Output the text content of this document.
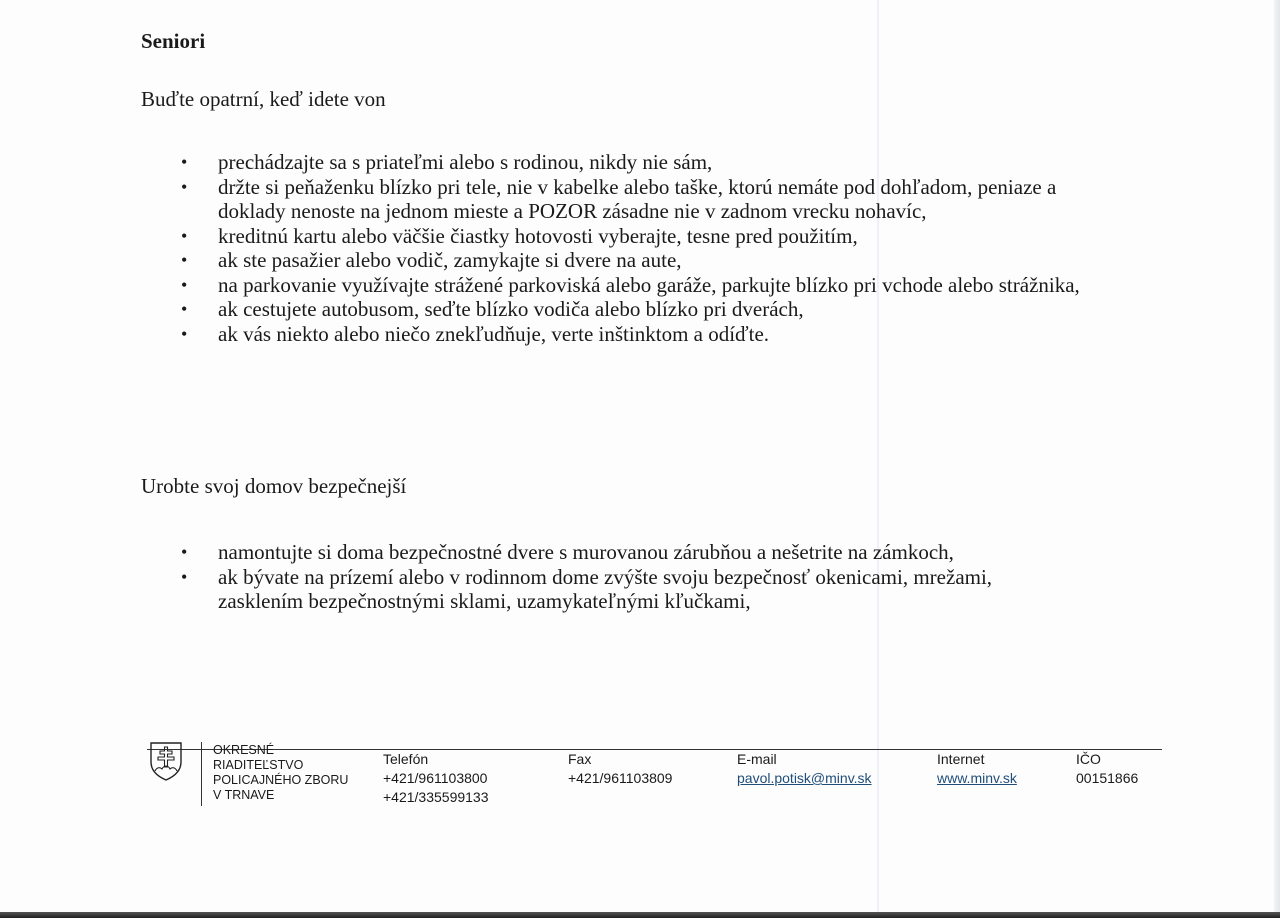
Seniori
Buďte opatrní, keď idete von
• prechádzajte sa s priateľmi alebo s rodinou, nikdy nie sám,
• držte si peňaženku blízko pri tele, nie v kabelke alebo taške, ktorú nemáte pod dohľadom, peniaze a doklady nenoste na jednom mieste a POZOR zásadne nie v zadnom vrecku nohavíc,
• kreditnú kartu alebo väčšie čiastky hotovosti vyberajte, tesne pred použitím,
• ak ste pasažier alebo vodič, zamykajte si dvere na aute,
• na parkovanie využívajte strážené parkoviská alebo garáže, parkujte blízko pri vchode alebo strážnika,
• ak cestujete autobusom, seďte blízko vodiča alebo blízko pri dverách,
• ak vás niekto alebo niečo znekľudňuje, verte inštinktom a odíďte.
Urobte svoj domov bezpečnejší
• namontujte si doma bezpečnostné dvere s murovanou zárubňou a nešetrite na zámkoch,
• ak bývate na prízemí alebo v rodinnom dome zvýšte svoju bezpečnosť okenicami, mrežami, zasklením bezpečnostnými sklami, uzamykateľnými kľučkami,
OKRESNÉ
RIADITEĽSTVO
POLICAJNÉHO ZBORU
V TRNAVE
Telefón
+421/961103800
+421/335599133
Fax
+421/961103809
E-mail
pavol.potisk@minv.sk
Internet
www.minv.sk
IČO
00151866
